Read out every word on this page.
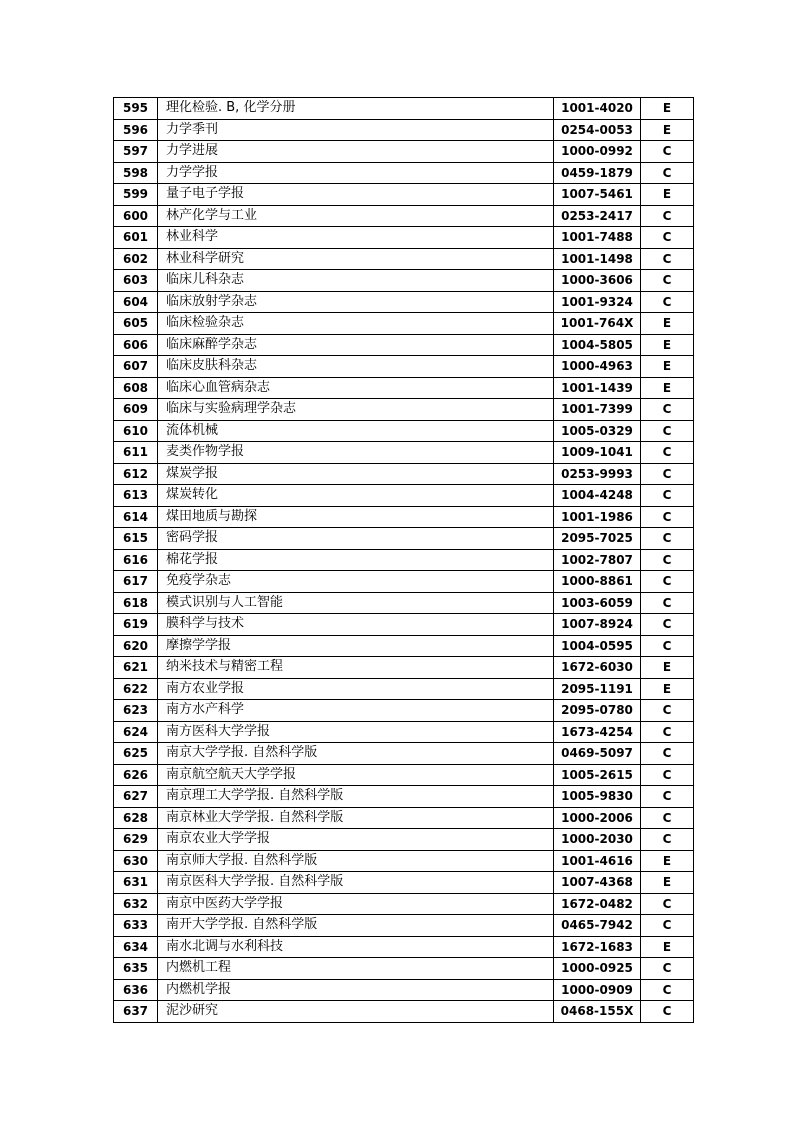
595	理化检验. B, 化学分册	1001-4020	E
596	力学季刊	0254-0053	E
597	力学进展	1000-0992	C
598	力学学报	0459-1879	C
599	量子电子学报	1007-5461	E
600	林产化学与工业	0253-2417	C
601	林业科学	1001-7488	C
602	林业科学研究	1001-1498	C
603	临床儿科杂志	1000-3606	C
604	临床放射学杂志	1001-9324	C
605	临床检验杂志	1001-764X	E
606	临床麻醉学杂志	1004-5805	E
607	临床皮肤科杂志	1000-4963	E
608	临床心血管病杂志	1001-1439	E
609	临床与实验病理学杂志	1001-7399	C
610	流体机械	1005-0329	C
611	麦类作物学报	1009-1041	C
612	煤炭学报	0253-9993	C
613	煤炭转化	1004-4248	C
614	煤田地质与勘探	1001-1986	C
615	密码学报	2095-7025	C
616	棉花学报	1002-7807	C
617	免疫学杂志	1000-8861	C
618	模式识别与人工智能	1003-6059	C
619	膜科学与技术	1007-8924	C
620	摩擦学学报	1004-0595	C
621	纳米技术与精密工程	1672-6030	E
622	南方农业学报	2095-1191	E
623	南方水产科学	2095-0780	C
624	南方医科大学学报	1673-4254	C
625	南京大学学报. 自然科学版	0469-5097	C
626	南京航空航天大学学报	1005-2615	C
627	南京理工大学学报. 自然科学版	1005-9830	C
628	南京林业大学学报. 自然科学版	1000-2006	C
629	南京农业大学学报	1000-2030	C
630	南京师大学报. 自然科学版	1001-4616	E
631	南京医科大学学报. 自然科学版	1007-4368	E
632	南京中医药大学学报	1672-0482	C
633	南开大学学报. 自然科学版	0465-7942	C
634	南水北调与水利科技	1672-1683	E
635	内燃机工程	1000-0925	C
636	内燃机学报	1000-0909	C
637	泥沙研究	0468-155X	C
